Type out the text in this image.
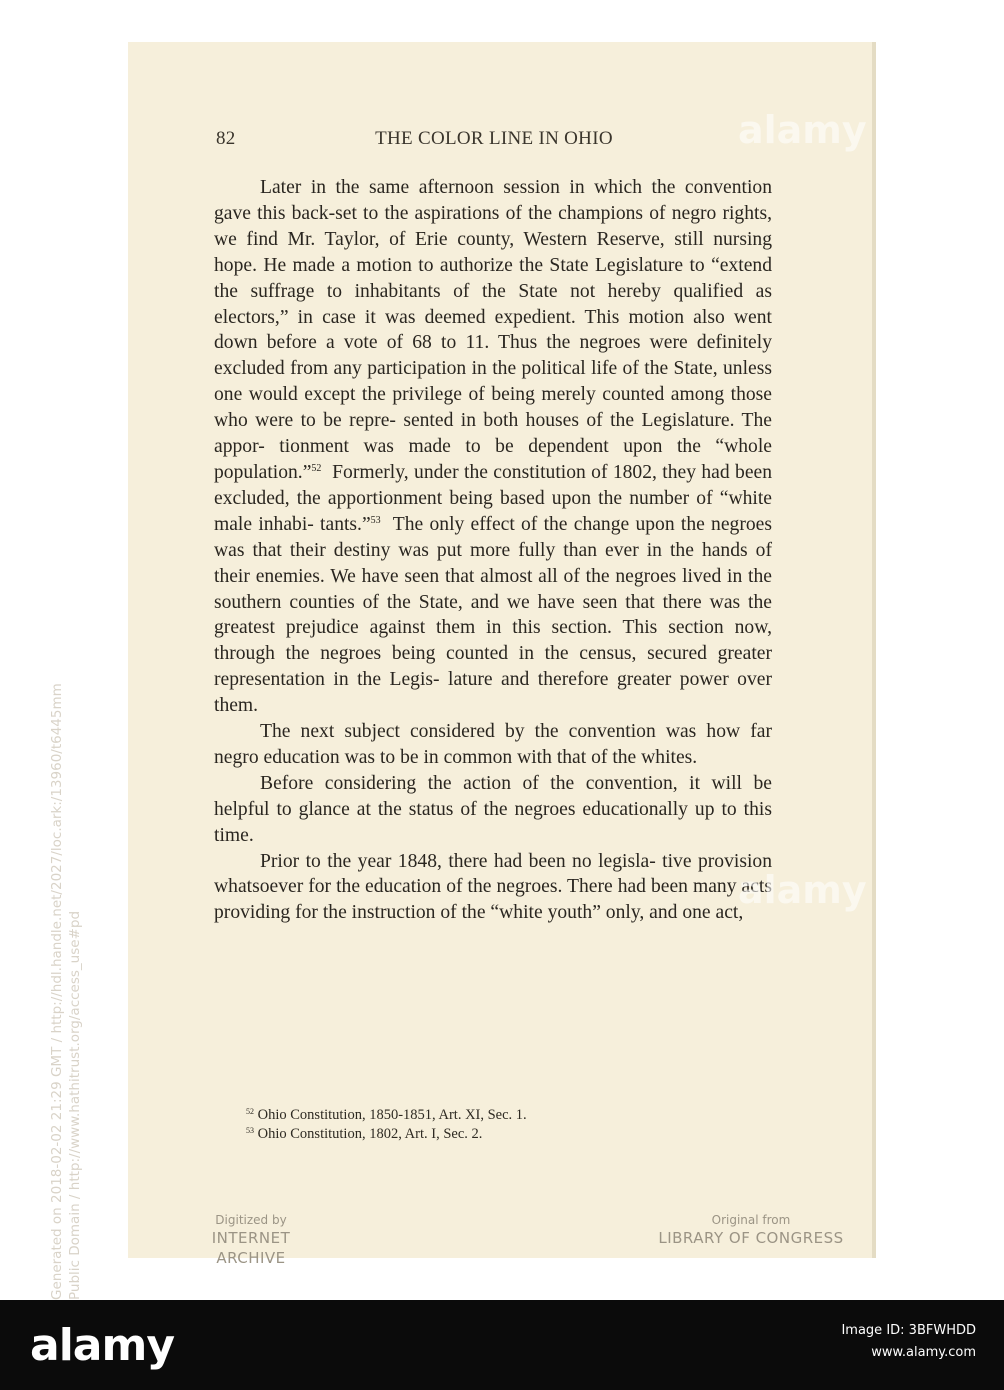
82	THE COLOR LINE IN OHIO

Later in the same afternoon session in which the convention gave this back-set to the aspirations of the champions of negro rights, we find Mr. Taylor, of Erie county, Western Reserve, still nursing hope. He made a motion to authorize the State Legislature to “extend the suffrage to inhabitants of the State not hereby qualified as electors,” in case it was deemed expedient. This motion also went down before a vote of 68 to 11. Thus the negroes were definitely excluded from any participation in the political life of the State, unless one would except the privilege of being merely counted among those who were to be repre- sented in both houses of the Legislature. The appor- tionment was made to be dependent upon the “whole population.”$^{52}$ Formerly, under the constitution of 1802, they had been excluded, the apportionment being based upon the number of “white male inhabi- tants.”$^{53}$ The only effect of the change upon the negroes was that their destiny was put more fully than ever in the hands of their enemies. We have seen that almost all of the negroes lived in the southern counties of the State, and we have seen that there was the greatest prejudice against them in this section. This section now, through the negroes being counted in the census, secured greater representation in the Legis- lature and therefore greater power over them.

The next subject considered by the convention was how far negro education was to be in common with that of the whites.

Before considering the action of the convention, it will be helpful to glance at the status of the negroes educationally up to this time.

Prior to the year 1848, there had been no legisla- tive provision whatsoever for the education of the negroes. There had been many acts providing for the instruction of the “white youth” only, and one act,

$^{52}$ Ohio Constitution, 1850-1851, Art. XI, Sec. 1.
$^{53}$ Ohio Constitution, 1802, Art. I, Sec. 2.
Digitized by
INTERNET ARCHIVE
Original from
LIBRARY OF CONGRESS
Generated on 2018-02-02 21:29 GMT / http://hdl.handle.net/2027/loc.ark:/13960/t6445mm Public Domain / http://www.hathitrust.org/access_use#pd
alamy
alamy
alamy	Image ID: 3BFWHDD
www.alamy.com
